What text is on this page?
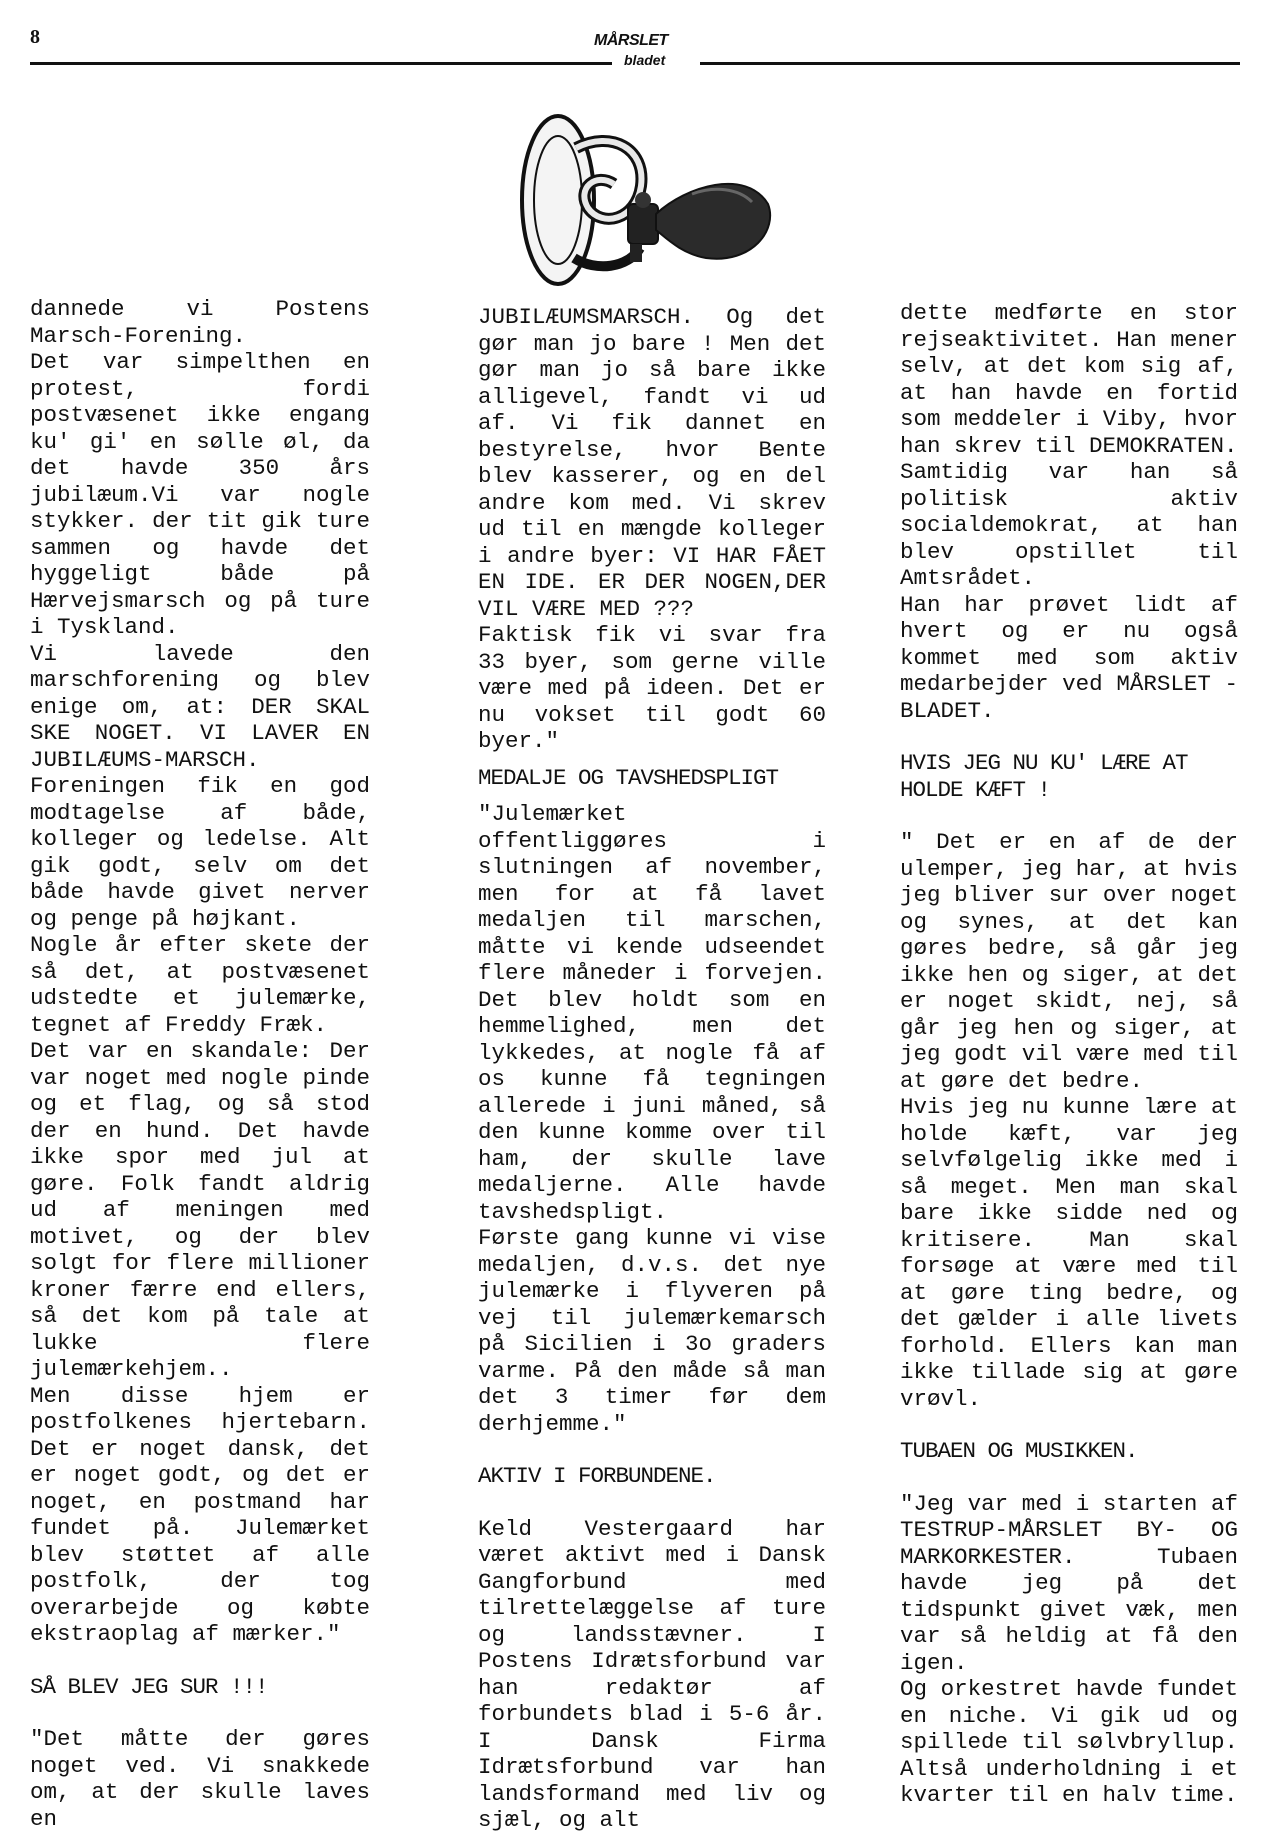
8	MÅRSLET
bladet

dannede vi Postens Marsch-Forening.

Det var simpelthen en protest, fordi postvæsenet ikke engang ku' gi' en sølle øl, da det havde 350 års jubilæum.Vi var nogle stykker. der tit gik ture sammen og havde det hyggeligt både på Hærvejsmarsch og på ture i Tyskland.

Vi lavede den marschforening og blev enige om, at: DER SKAL SKE NOGET. VI LAVER EN JUBILÆUMS-MARSCH. Foreningen fik en god modtagelse af både, kolleger og ledelse. Alt gik godt, selv om det både havde givet nerver og penge på højkant.

Nogle år efter skete der så det, at postvæsenet udstedte et julemærke, tegnet af Freddy Fræk.

Det var en skandale: Der var noget med nogle pinde og et flag, og så stod der en hund. Det havde ikke spor med jul at gøre. Folk fandt aldrig ud af meningen med motivet, og der blev solgt for flere millioner kroner færre end ellers, så det kom på tale at lukke flere julemærkehjem..

Men disse hjem er postfolkenes hjertebarn. Det er noget dansk, det er noget godt, og det er noget, en postmand har fundet på. Julemærket blev støttet af alle postfolk, der tog overarbejde og købte ekstraoplag af mærker."

SÅ BLEV JEG SUR !!!

"Det måtte der gøres noget ved. Vi snakkede om, at der skulle laves en

JUBILÆUMSMARSCH. Og det gør man jo bare ! Men det gør man jo så bare ikke alligevel, fandt vi ud af. Vi fik dannet en bestyrelse, hvor Bente blev kasserer, og en del andre kom med. Vi skrev ud til en mængde kolleger i andre byer: VI HAR FÅET EN IDE. ER DER NOGEN,DER VIL VÆRE MED ???

Faktisk fik vi svar fra 33 byer, som gerne ville være med på ideen. Det er nu vokset til godt 60 byer."

MEDALJE OG TAVSHEDSPLIGT

"Julemærket offentliggøres i slutningen af november, men for at få lavet medaljen til marschen, måtte vi kende udseendet flere måneder i forvejen. Det blev holdt som en hemmelighed, men det lykkedes, at nogle få af os kunne få tegningen allerede i juni måned, så den kunne komme over til ham, der skulle lave medaljerne. Alle havde tavshedspligt.

Første gang kunne vi vise medaljen, d.v.s. det nye julemærke i flyveren på vej til julemærkemarsch på Sicilien i 3o graders varme. På den måde så man det 3 timer før dem derhjemme."

AKTIV I FORBUNDENE.

Keld Vestergaard har været aktivt med i Dansk Gangforbund med tilrettelæggelse af ture og landsstævner. I Postens Idrætsforbund var han redaktør af forbundets blad i 5-6 år. I Dansk Firma Idrætsforbund var han landsformand med liv og sjæl, og alt

dette medførte en stor rejseaktivitet. Han mener selv, at det kom sig af, at han havde en fortid som meddeler i Viby, hvor han skrev til DEMOKRATEN.

Samtidig var han så politisk aktiv socialdemokrat, at han blev opstillet til Amtsrådet.

Han har prøvet lidt af hvert og er nu også kommet med som aktiv medarbejder ved MÅRSLET - BLADET.

HVIS JEG NU KU' LÆRE AT HOLDE KÆFT !

" Det er en af de der ulemper, jeg har, at hvis jeg bliver sur over noget og synes, at det kan gøres bedre, så går jeg ikke hen og siger, at det er noget skidt, nej, så går jeg hen og siger, at jeg godt vil være med til at gøre det bedre.

Hvis jeg nu kunne lære at holde kæft, var jeg selvfølgelig ikke med i så meget. Men man skal bare ikke sidde ned og kritisere. Man skal forsøge at være med til at gøre ting bedre, og det gælder i alle livets forhold. Ellers kan man ikke tillade sig at gøre vrøvl.

TUBAEN OG MUSIKKEN.

"Jeg var med i starten af TESTRUP-MÅRSLET BY- OG MARKORKESTER. Tubaen havde jeg på det tidspunkt givet væk, men var så heldig at få den igen.

Og orkestret havde fundet en niche. Vi gik ud og spillede til sølvbryllup. Altså underholdning i et kvarter til en halv time.
